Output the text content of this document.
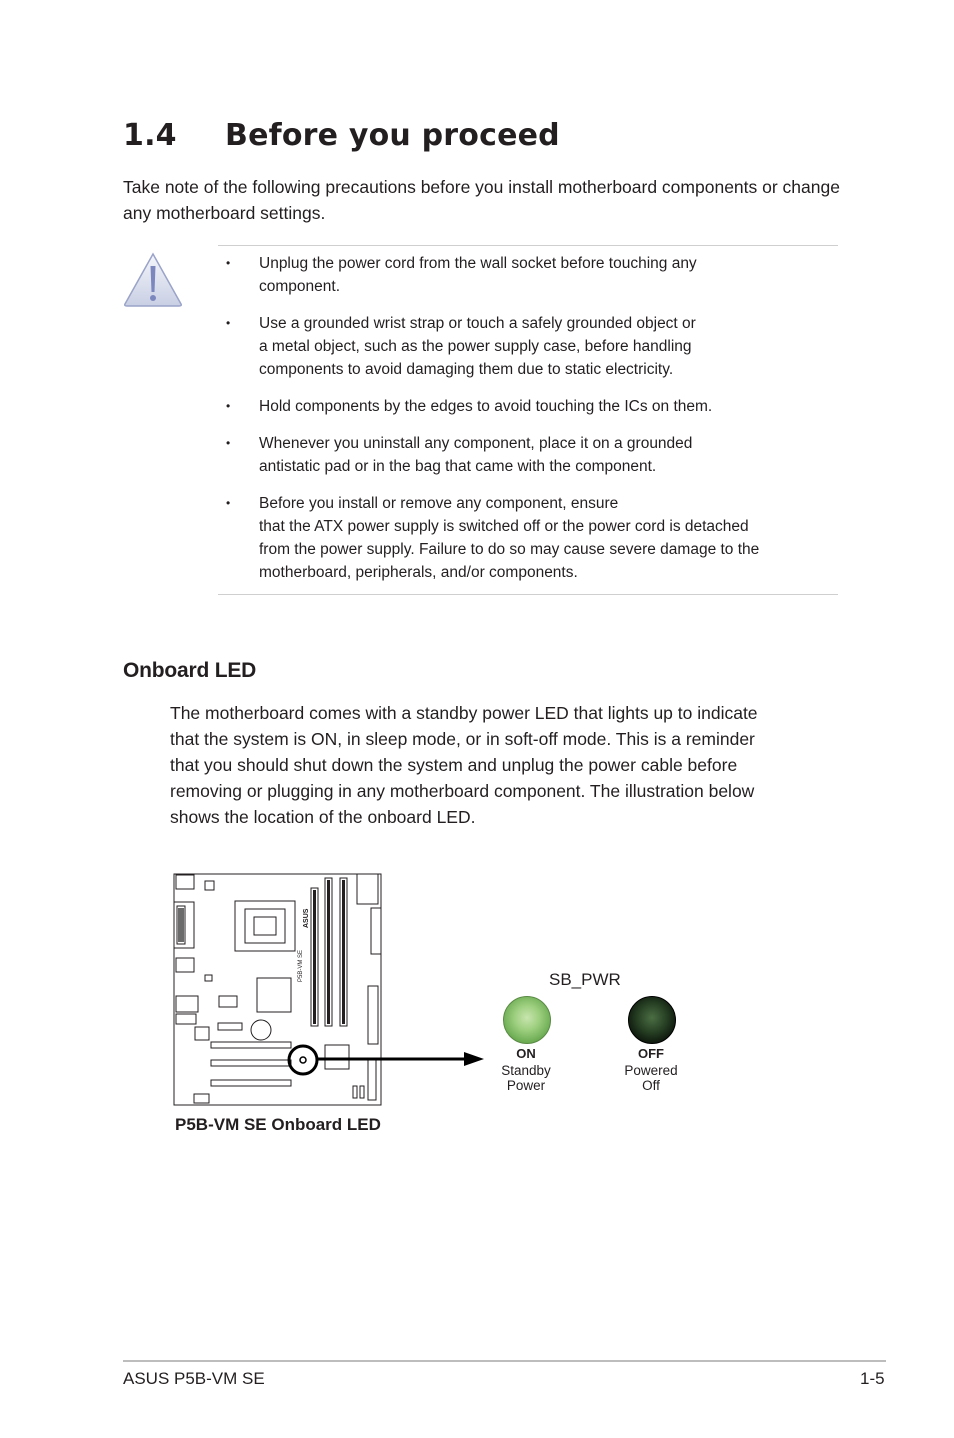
1.4 Before you proceed
Take note of the following precautions before you install motherboard components or change any motherboard settings.
• Unplug the power cord from the wall socket before touching any
component.
• Use a grounded wrist strap or touch a safely grounded object or
a metal object, such as the power supply case, before handling
components to avoid damaging them due to static electricity.
• Hold components by the edges to avoid touching the ICs on them.
• Whenever you uninstall any component, place it on a grounded
antistatic pad or in the bag that came with the component.
• Before you install or remove any component, ensure
that the ATX power supply is switched off or the power cord is detached
from the power supply. Failure to do so may cause severe damage to the
motherboard, peripherals, and/or components.
Onboard LED
The motherboard comes with a standby power LED that lights up to indicate
that the system is ON, in sleep mode, or in soft-off mode. This is a reminder
that you should shut down the system and unplug the power cable before
removing or plugging in any motherboard component. The illustration below
shows the location of the onboard LED.
P5B-VM SE
ASUS
SB_PWR
ON
Standby
Power
OFF
Powered
Off
P5B-VM SE Onboard LED
ASUS P5B-VM SE	1-5
